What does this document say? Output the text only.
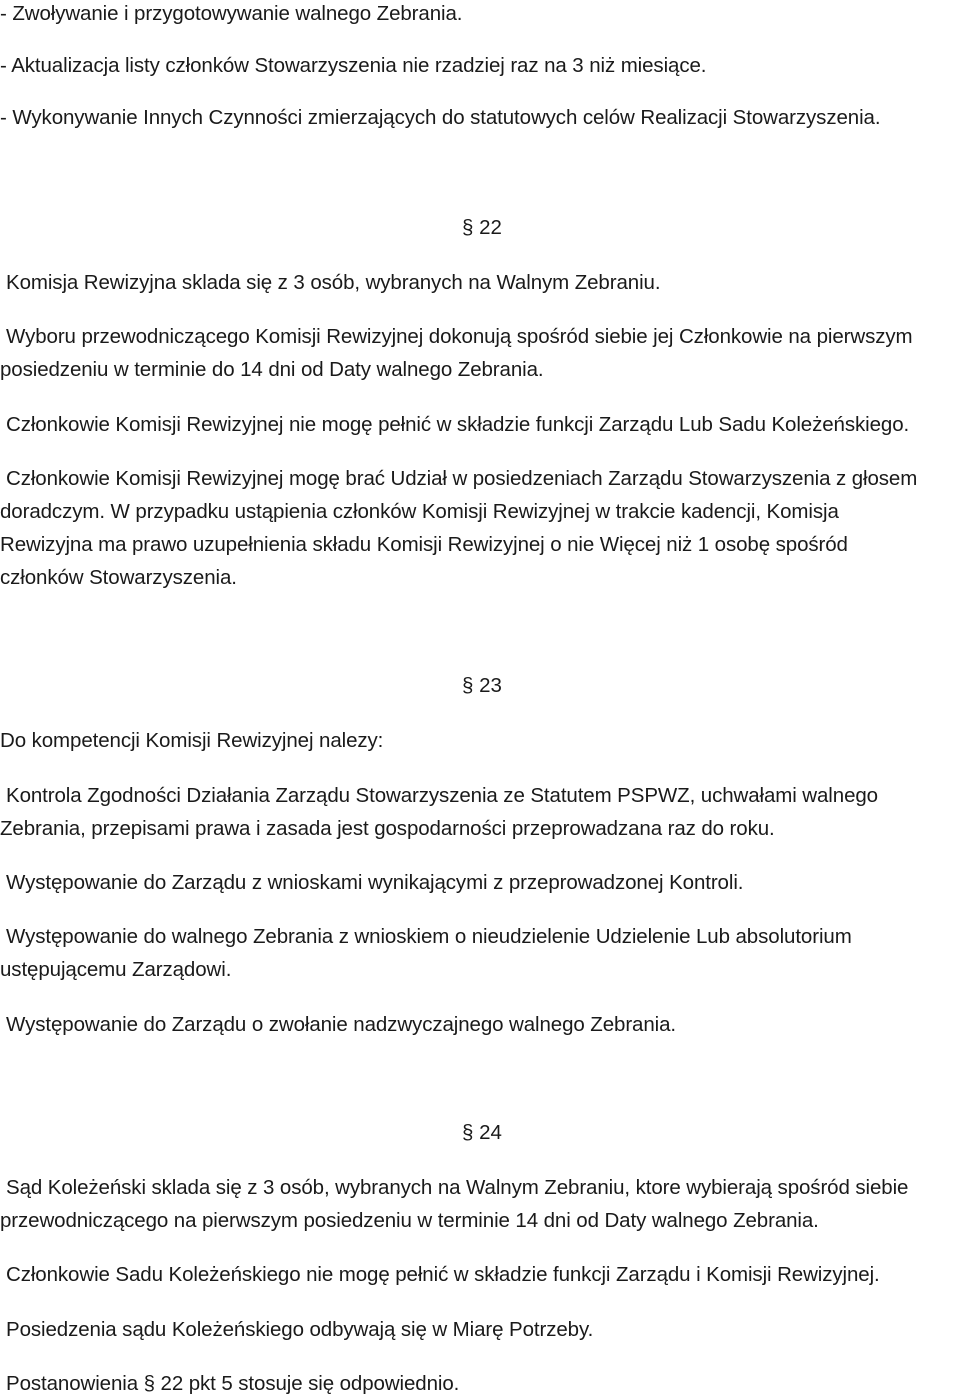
- Zwoływanie i przygotowywanie walnego Zebrania.
- Aktualizacja listy członków Stowarzyszenia nie rzadziej raz na 3 niż miesiące.
- Wykonywanie Innych Czynności zmierzających do statutowych celów Realizacji Stowarzyszenia.
§ 22
Komisja Rewizyjna sklada się z 3 osób, wybranych na Walnym Zebraniu.
Wyboru przewodniczącego Komisji Rewizyjnej dokonują spośród siebie jej Członkowie na pierwszym
posiedzeniu w terminie do 14 dni od Daty walnego Zebrania.
Członkowie Komisji Rewizyjnej nie mogę pełnić w składzie funkcji Zarządu Lub Sadu Koleżeńskiego.
Członkowie Komisji Rewizyjnej mogę brać Udział w posiedzeniach Zarządu Stowarzyszenia z głosem
doradczym. W przypadku ustąpienia członków Komisji Rewizyjnej w trakcie kadencji, Komisja
Rewizyjna ma prawo uzupełnienia składu Komisji Rewizyjnej o nie Więcej niż 1 osobę spośród
członków Stowarzyszenia.
§ 23
Do kompetencji Komisji Rewizyjnej nalezy:
Kontrola Zgodności Działania Zarządu Stowarzyszenia ze Statutem PSPWZ, uchwałami walnego
Zebrania, przepisami prawa i zasada jest gospodarności przeprowadzana raz do roku.
Występowanie do Zarządu z wnioskami wynikającymi z przeprowadzonej Kontroli.
Występowanie do walnego Zebrania z wnioskiem o nieudzielenie Udzielenie Lub absolutorium
ustępującemu Zarządowi.
Występowanie do Zarządu o zwołanie nadzwyczajnego walnego Zebrania.
§ 24
Sąd Koleżeński sklada się z 3 osób, wybranych na Walnym Zebraniu, ktore wybierają spośród siebie
przewodniczącego na pierwszym posiedzeniu w terminie 14 dni od Daty walnego Zebrania.
Członkowie Sadu Koleżeńskiego nie mogę pełnić w składzie funkcji Zarządu i Komisji Rewizyjnej.
Posiedzenia sądu Koleżeńskiego odbywają się w Miarę Potrzeby.
Postanowienia § 22 pkt 5 stosuje się odpowiednio.
